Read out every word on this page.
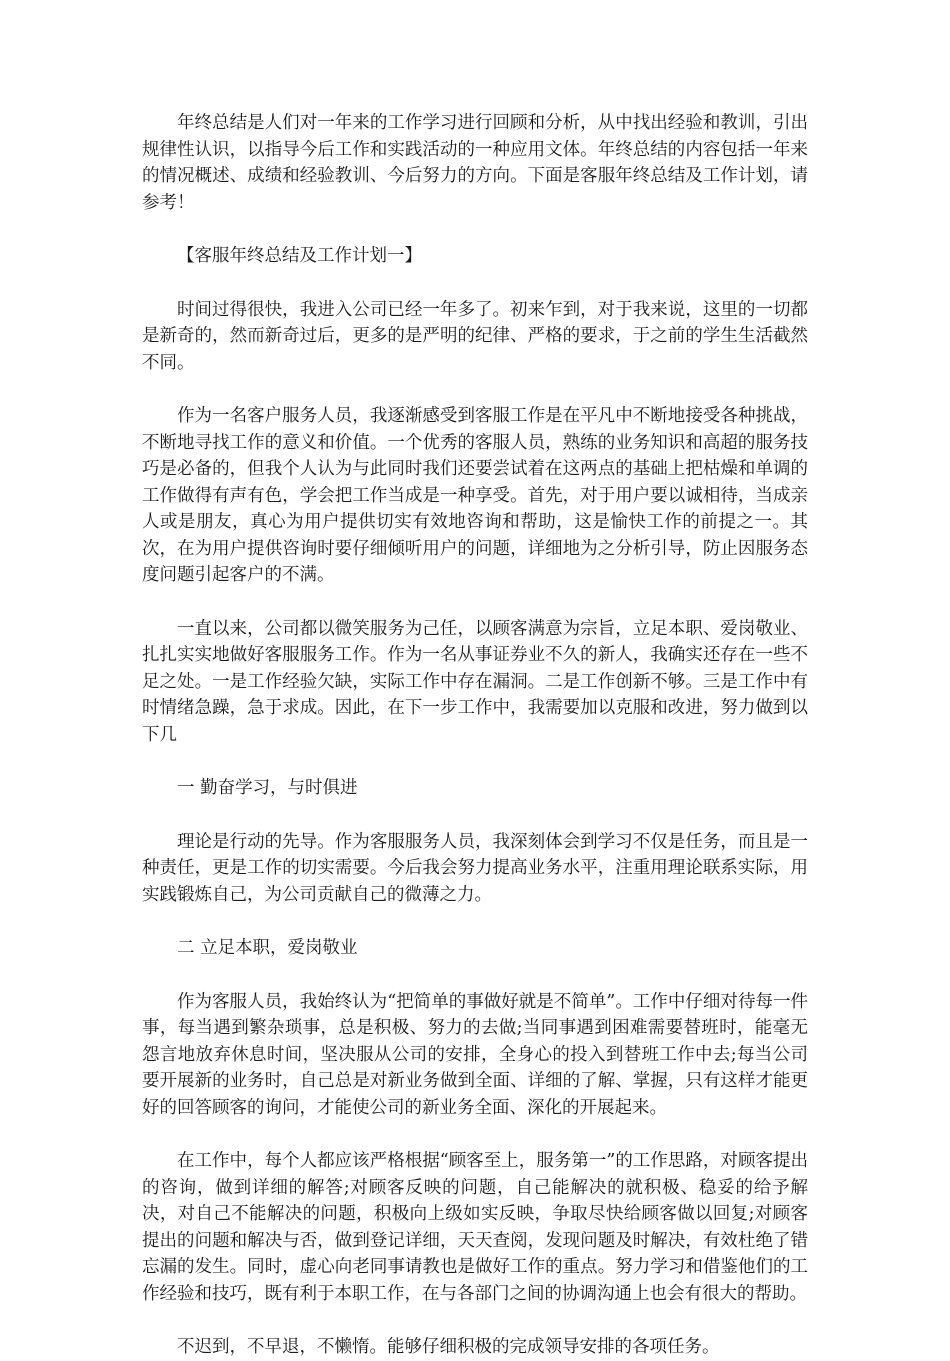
年终总结是人们对一年来的工作学习进行回顾和分析，从中找出经验和教训，引出规律性认识，以指导今后工作和实践活动的一种应用文体。年终总结的内容包括一年来的情况概述、成绩和经验教训、今后努力的方向。下面是客服年终总结及工作计划，请参考！

【客服年终总结及工作计划一】

时间过得很快，我进入公司已经一年多了。初来乍到，对于我来说，这里的一切都是新奇的，然而新奇过后，更多的是严明的纪律、严格的要求，于之前的学生生活截然不同。

作为一名客户服务人员，我逐渐感受到客服工作是在平凡中不断地接受各种挑战，不断地寻找工作的意义和价值。一个优秀的客服人员，熟练的业务知识和高超的服务技巧是必备的，但我个人认为与此同时我们还要尝试着在这两点的基础上把枯燥和单调的工作做得有声有色，学会把工作当成是一种享受。首先，对于用户要以诚相待，当成亲人或是朋友，真心为用户提供切实有效地咨询和帮助，这是愉快工作的前提之一。其次，在为用户提供咨询时要仔细倾听用户的问题，详细地为之分析引导，防止因服务态度问题引起客户的不满。

一直以来，公司都以微笑服务为己任，以顾客满意为宗旨，立足本职、爱岗敬业、扎扎实实地做好客服服务工作。作为一名从事证券业不久的新人，我确实还存在一些不足之处。一是工作经验欠缺，实际工作中存在漏洞。二是工作创新不够。三是工作中有时情绪急躁，急于求成。因此，在下一步工作中，我需要加以克服和改进，努力做到以下几

一 勤奋学习，与时俱进

理论是行动的先导。作为客服服务人员，我深刻体会到学习不仅是任务，而且是一种责任，更是工作的切实需要。今后我会努力提高业务水平，注重用理论联系实际，用实践锻炼自己，为公司贡献自己的微薄之力。

二 立足本职，爱岗敬业

作为客服人员，我始终认为“把简单的事做好就是不简单”。工作中仔细对待每一件事，每当遇到繁杂琐事，总是积极、努力的去做;当同事遇到困难需要替班时，能毫无怨言地放弃休息时间，坚决服从公司的安排，全身心的投入到替班工作中去;每当公司要开展新的业务时，自己总是对新业务做到全面、详细的了解、掌握，只有这样才能更好的回答顾客的询问，才能使公司的新业务全面、深化的开展起来。

在工作中，每个人都应该严格根据“顾客至上，服务第一”的工作思路，对顾客提出的咨询，做到详细的解答;对顾客反映的问题，自己能解决的就积极、稳妥的给予解决，对自己不能解决的问题，积极向上级如实反映，争取尽快给顾客做以回复;对顾客提出的问题和解决与否，做到登记详细，天天查阅，发现问题及时解决，有效杜绝了错忘漏的发生。同时，虚心向老同事请教也是做好工作的重点。努力学习和借鉴他们的工作经验和技巧，既有利于本职工作，在与各部门之间的协调沟通上也会有很大的帮助。

不迟到，不早退，不懒惰。能够仔细积极的完成领导安排的各项任务。
